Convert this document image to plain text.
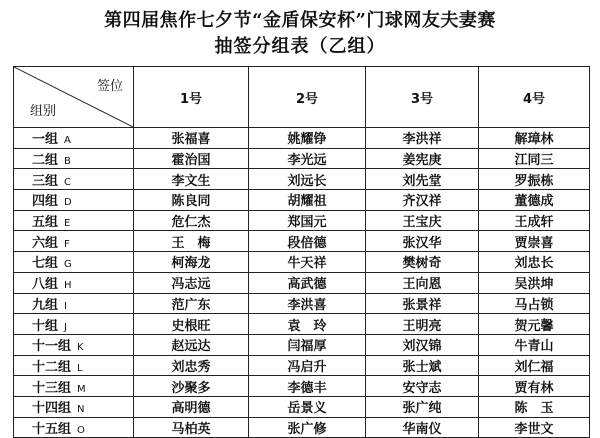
第四届焦作七夕节“金盾保安杯”门球网友夫妻赛
抽签分组表（乙组）
签位
组别	1号	2号	3号	4号
一组 A	张福喜	姚耀铮	李洪祥	解璋林
二组 B	霍治国	李光远	姜宪庚	江同三
三组 C	李文生	刘远长	刘先堂	罗振栋
四组 D	陈良同	胡耀祖	齐汉祥	董德成
五组 E	危仁杰	郑国元	王宝庆	王成轩
六组 F	王　梅	段倍德	张汉华	贾崇喜
七组 G	柯海龙	牛天祥	樊树奇	刘忠长
八组 H	冯志远	高武德	王向恩	吴洪坤
九组 I	范广东	李洪喜	张景祥	马占锁
十组 J	史根旺	袁　玲	王明亮	贺元馨
十一组 K	赵远达	闫福厚	刘汉锦	牛青山
十二组 L	刘忠秀	冯启升	张士斌	刘仁福
十三组 M	沙聚多	李德丰	安守志	贾有林
十四组 N	高明德	岳景义	张广纯	陈　玉
十五组 O	马柏英	张广修	华南仪	李世文
